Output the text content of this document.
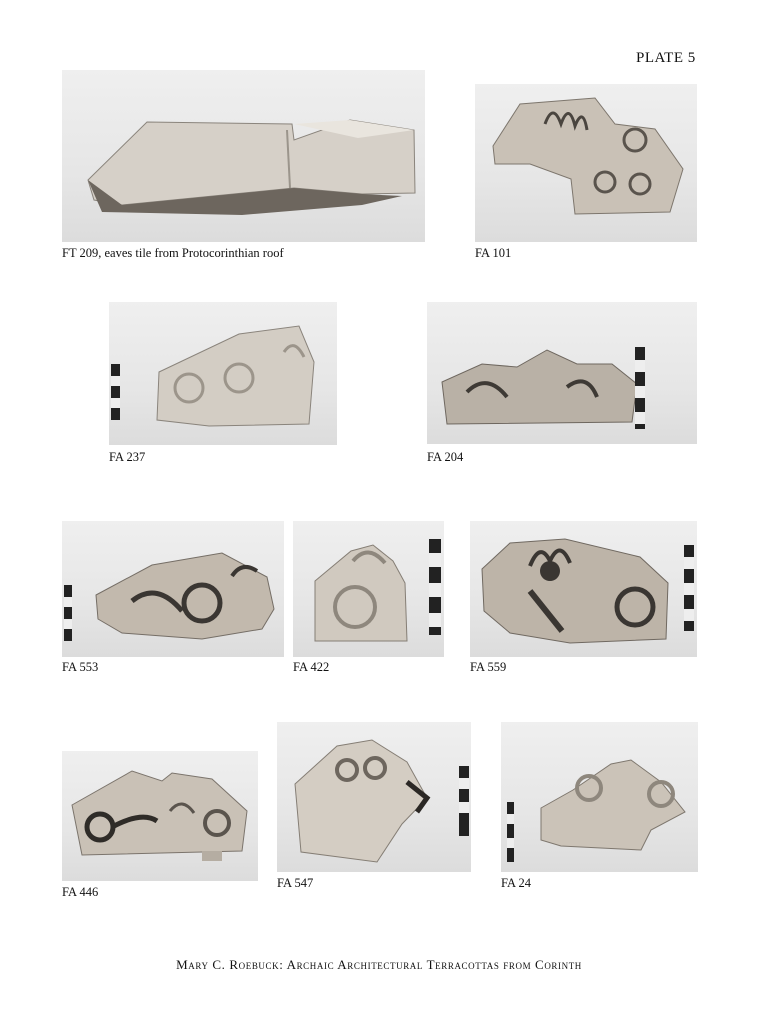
PLATE 5
FT 209, eaves tile from Protocorinthian roof	FA 101
FA 237	FA 204
FA 553	FA 422	FA 559
FA 446
FA 547	FA 24
Mary C. Roebuck: Archaic Architectural Terracottas from Corinth
